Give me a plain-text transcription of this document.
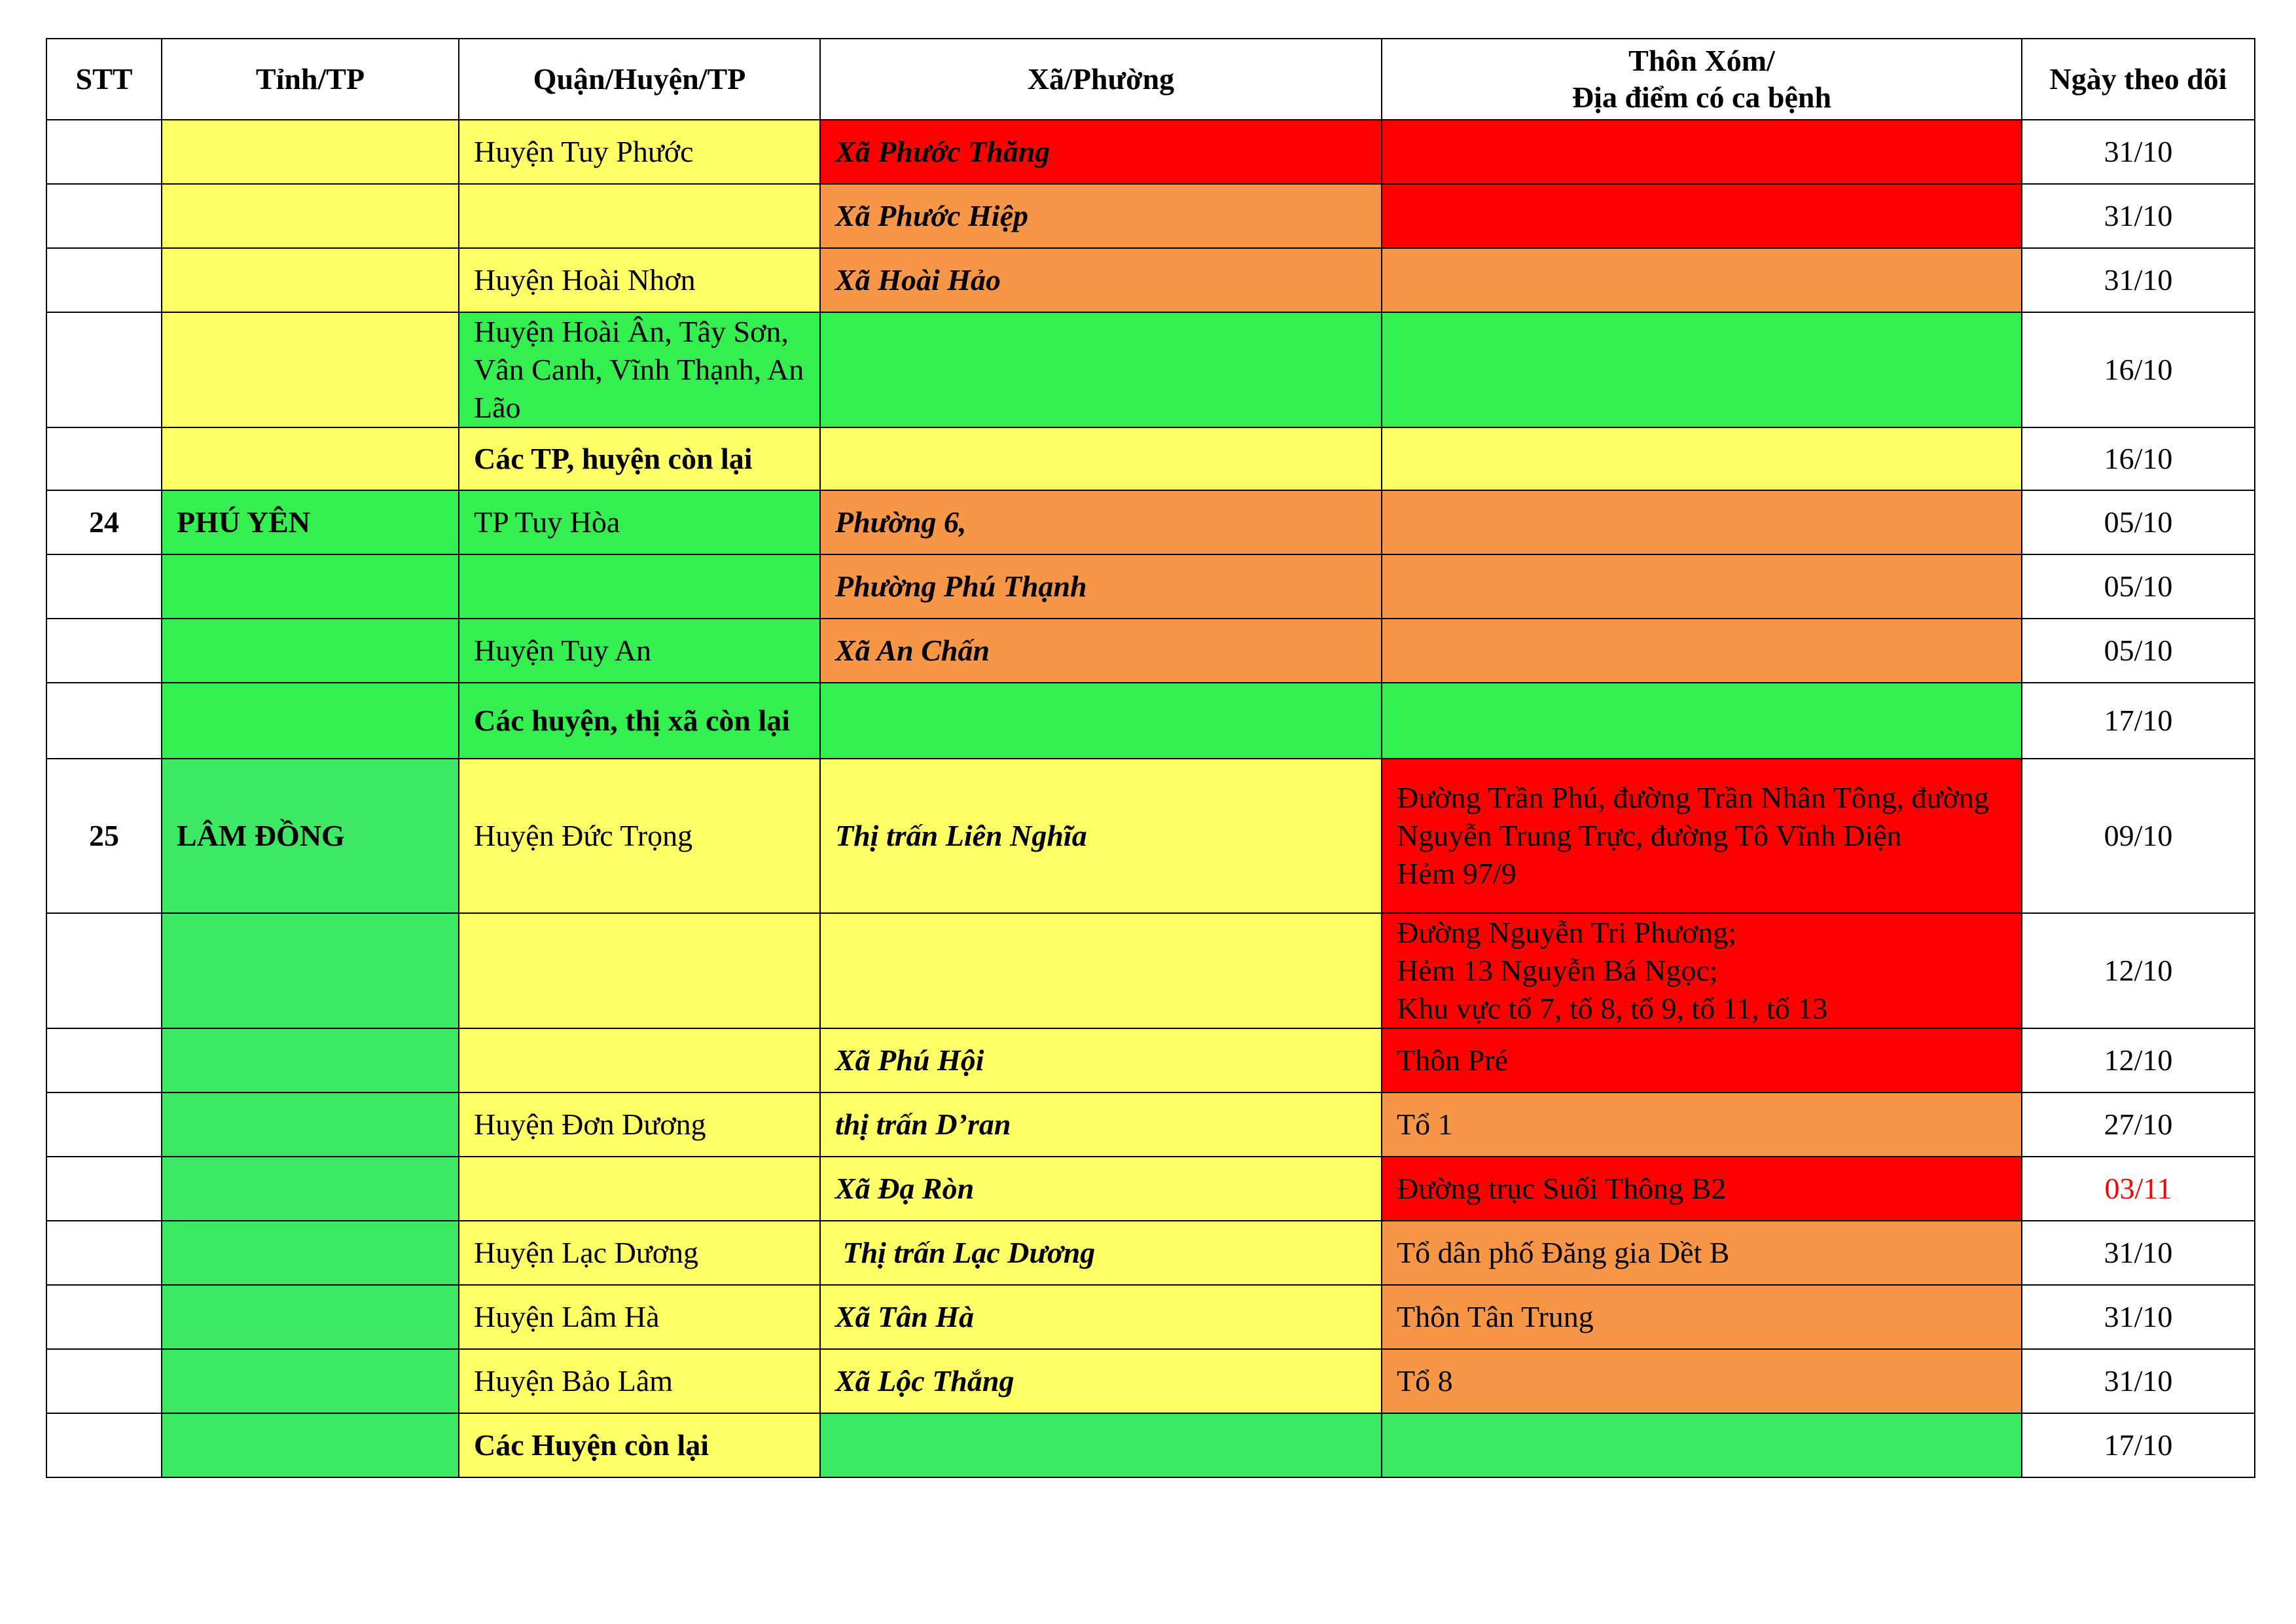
STT	Tỉnh/TP	Quận/Huyện/TP	Xã/Phường	Thôn Xóm/
Địa điểm có ca bệnh	Ngày theo dõi
		Huyện Tuy Phước	Xã Phước Thăng		31/10
			Xã Phước Hiệp		31/10
		Huyện Hoài Nhơn	Xã Hoài Hảo		31/10
		Huyện Hoài Ân, Tây Sơn, Vân Canh, Vĩnh Thạnh, An Lão			16/10
		Các TP, huyện còn lại			16/10
24	PHÚ YÊN	TP Tuy Hòa	Phường 6,		05/10
			Phường Phú Thạnh		05/10
		Huyện Tuy An	Xã An Chấn		05/10
		Các huyện, thị xã còn lại			17/10
25	LÂM ĐỒNG	Huyện Đức Trọng	Thị trấn Liên Nghĩa	Đường Trần Phú, đường Trần Nhân Tông, đường Nguyễn Trung Trực, đường Tô Vĩnh Diện
Hẻm 97/9	09/10
				Đường Nguyễn Tri Phương;
Hẻm 13 Nguyễn Bá Ngọc;
Khu vực tổ 7, tổ 8, tổ 9, tổ 11, tổ 13	12/10
			Xã Phú Hội	Thôn Pré	12/10
		Huyện Đơn Dương	thị trấn D’ran	Tổ 1	27/10
			Xã Đạ Ròn	Đường trục Suối Thông B2	03/11
		Huyện Lạc Dương	Thị trấn Lạc Dương	Tổ dân phố Đăng gia Dềt B	31/10
		Huyện Lâm Hà	Xã Tân Hà	Thôn Tân Trung	31/10
		Huyện Bảo Lâm	Xã Lộc Thắng	Tổ 8	31/10
		Các Huyện còn lại			17/10
